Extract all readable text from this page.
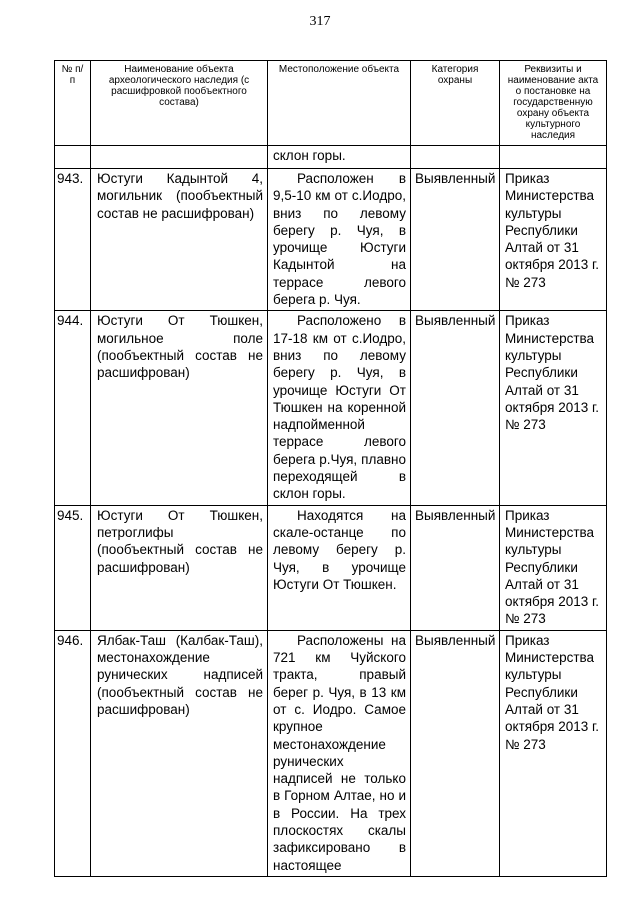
317
№ п/п	Наименование объекта археологического наследия (с расшифровкой пообъектного состава)	Местоположение объекта	Категория охраны	Реквизиты и наименование акта о постановке на государственную охрану объекта культурного наследия
		склон горы.		
943.	Юстуги Кадынтой 4, могильник (пообъектный состав не расшифрован)	Расположен в 9,5-10 км от с.Иодро, вниз по левому берегу р. Чуя, в урочище Юстуги Кадынтой на террасе левого берега р. Чуя.	Выявленный	Приказ Министерства культуры Республики Алтай от 31 октября 2013 г. № 273
944.	Юстуги От Тюшкен, могильное поле (пообъектный состав не расшифрован)	Расположено в 17-18 км от с.Иодро, вниз по левому берегу р. Чуя, в урочище Юстуги От Тюшкен на коренной надпойменной террасе левого берега р.Чуя, плавно переходящей в склон горы.	Выявленный	Приказ Министерства культуры Республики Алтай от 31 октября 2013 г. № 273
945.	Юстуги От Тюшкен, петроглифы (пообъектный состав не расшифрован)	Находятся на скале-останце по левому берегу р. Чуя, в урочище Юстуги От Тюшкен.	Выявленный	Приказ Министерства культуры Республики Алтай от 31 октября 2013 г. № 273
946.	Ялбак-Таш (Калбак-Таш), местонахождение рунических надписей (пообъектный состав не расшифрован)	Расположены на 721 км Чуйского тракта, правый берег р. Чуя, в 13 км от с. Иодро. Самое крупное местонахождение рунических надписей не только в Горном Алтае, но и в России. На трех плоскостях скалы зафиксировано в настоящее	Выявленный	Приказ Министерства культуры Республики Алтай от 31 октября 2013 г. № 273
